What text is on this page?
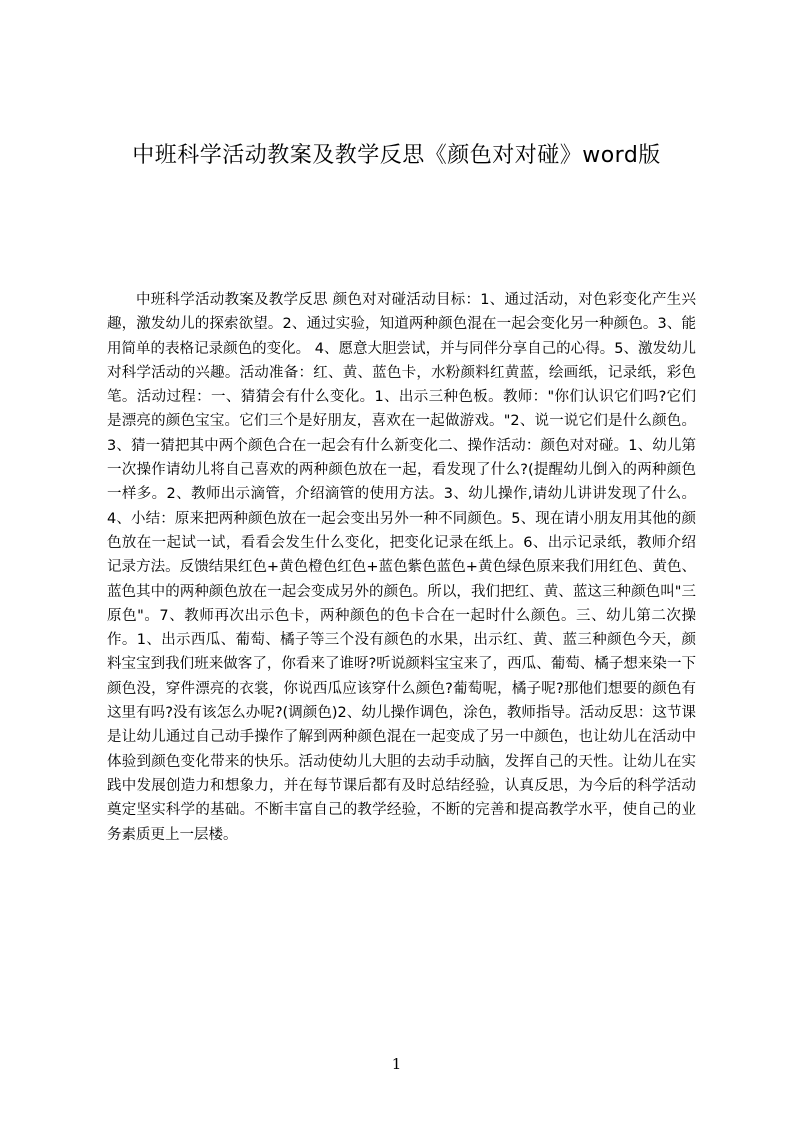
中班科学活动教案及教学反思《颜色对对碰》word版

中班科学活动教案及教学反思 颜色对对碰活动目标：1、通过活动，对色彩变化产生兴趣，激发幼儿的探索欲望。2、通过实验，知道两种颜色混在一起会变化另一种颜色。3、能用简单的表格记录颜色的变化。 4、愿意大胆尝试，并与同伴分享自己的心得。5、激发幼儿对科学活动的兴趣。活动准备：红、黄、蓝色卡，水粉颜料红黄蓝，绘画纸，记录纸，彩色笔。活动过程：一、猜猜会有什么变化。1、出示三种色板。教师："你们认识它们吗?它们是漂亮的颜色宝宝。它们三个是好朋友，喜欢在一起做游戏。"2、说一说它们是什么颜色。 3、猜一猜把其中两个颜色合在一起会有什么新变化二、操作活动：颜色对对碰。1、幼儿第一次操作请幼儿将自己喜欢的两种颜色放在一起，看发现了什么?(提醒幼儿倒入的两种颜色一样多。2、教师出示滴管，介绍滴管的使用方法。3、幼儿操作,请幼儿讲讲发现了什么。 4、小结：原来把两种颜色放在一起会变出另外一种不同颜色。5、现在请小朋友用其他的颜色放在一起试一试，看看会发生什么变化，把变化记录在纸上。6、出示记录纸，教师介绍记录方法。反馈结果红色+黄色橙色红色+蓝色紫色蓝色+黄色绿色原来我们用红色、黄色、蓝色其中的两种颜色放在一起会变成另外的颜色。所以，我们把红、黄、蓝这三种颜色叫"三原色"。7、教师再次出示色卡，两种颜色的色卡合在一起时什么颜色。三、幼儿第二次操作。1、出示西瓜、葡萄、橘子等三个没有颜色的水果，出示红、黄、蓝三种颜色今天，颜料宝宝到我们班来做客了，你看来了谁呀?听说颜料宝宝来了，西瓜、葡萄、橘子想来染一下颜色没，穿件漂亮的衣裳，你说西瓜应该穿什么颜色?葡萄呢，橘子呢?那他们想要的颜色有这里有吗?没有该怎么办呢?(调颜色)2、幼儿操作调色，涂色，教师指导。活动反思：这节课是让幼儿通过自己动手操作了解到两种颜色混在一起变成了另一中颜色，也让幼儿在活动中体验到颜色变化带来的快乐。活动使幼儿大胆的去动手动脑，发挥自己的天性。让幼儿在实践中发展创造力和想象力，并在每节课后都有及时总结经验，认真反思，为今后的科学活动奠定坚实科学的基础。不断丰富自己的教学经验，不断的完善和提高教学水平，使自己的业务素质更上一层楼。

1
